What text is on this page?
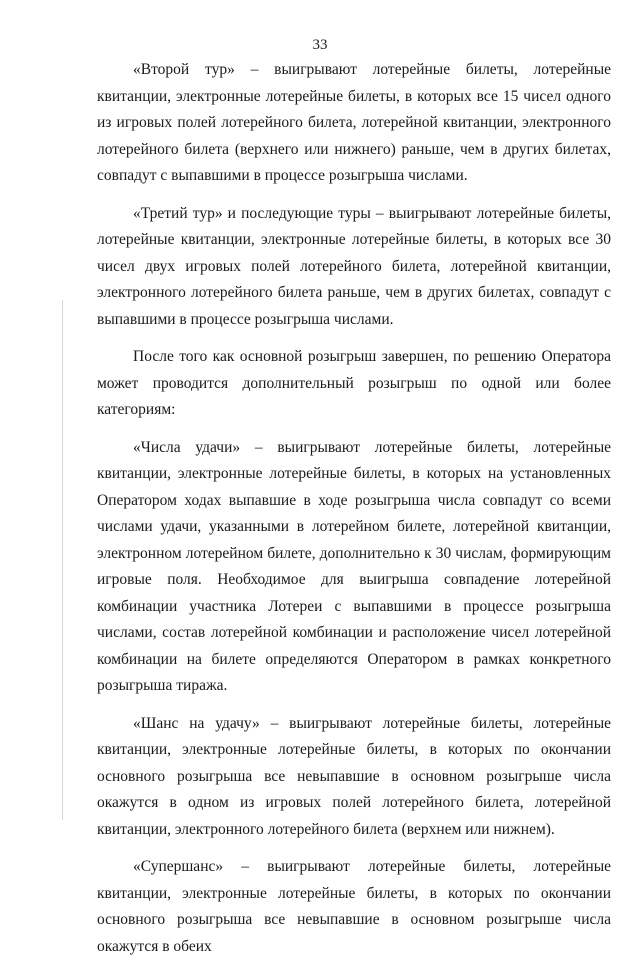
33

«Второй тур» – выигрывают лотерейные билеты, лотерейные квитанции, электронные лотерейные билеты, в которых все 15 чисел одного из игровых полей лотерейного билета, лотерейной квитанции, электронного лотерейного билета (верхнего или нижнего) раньше, чем в других билетах, совпадут с выпавшими в процессе розыгрыша числами.

«Третий тур» и последующие туры – выигрывают лотерейные билеты, лотерейные квитанции, электронные лотерейные билеты, в которых все 30 чисел двух игровых полей лотерейного билета, лотерейной квитанции, электронного лотерейного билета раньше, чем в других билетах, совпадут с выпавшими в процессе розыгрыша числами.

После того как основной розыгрыш завершен, по решению Оператора может проводится дополнительный розыгрыш по одной или более категориям:

«Числа удачи» – выигрывают лотерейные билеты, лотерейные квитанции, электронные лотерейные билеты, в которых на установленных Оператором ходах выпавшие в ходе розыгрыша числа совпадут со всеми числами удачи, указанными в лотерейном билете, лотерейной квитанции, электронном лотерейном билете, дополнительно к 30 числам, формирующим игровые поля. Необходимое для выигрыша совпадение лотерейной комбинации участника Лотереи с выпавшими в процессе розыгрыша числами, состав лотерейной комбинации и расположение чисел лотерейной комбинации на билете определяются Оператором в рамках конкретного розыгрыша тиража.

«Шанс на удачу» – выигрывают лотерейные билеты, лотерейные квитанции, электронные лотерейные билеты, в которых по окончании основного розыгрыша все невыпавшие в основном розыгрыше числа окажутся в одном из игровых полей лотерейного билета, лотерейной квитанции, электронного лотерейного билета (верхнем или нижнем).

«Супершанс» – выигрывают лотерейные билеты, лотерейные квитанции, электронные лотерейные билеты, в которых по окончании основного розыгрыша все невыпавшие в основном розыгрыше числа окажутся в обеих
